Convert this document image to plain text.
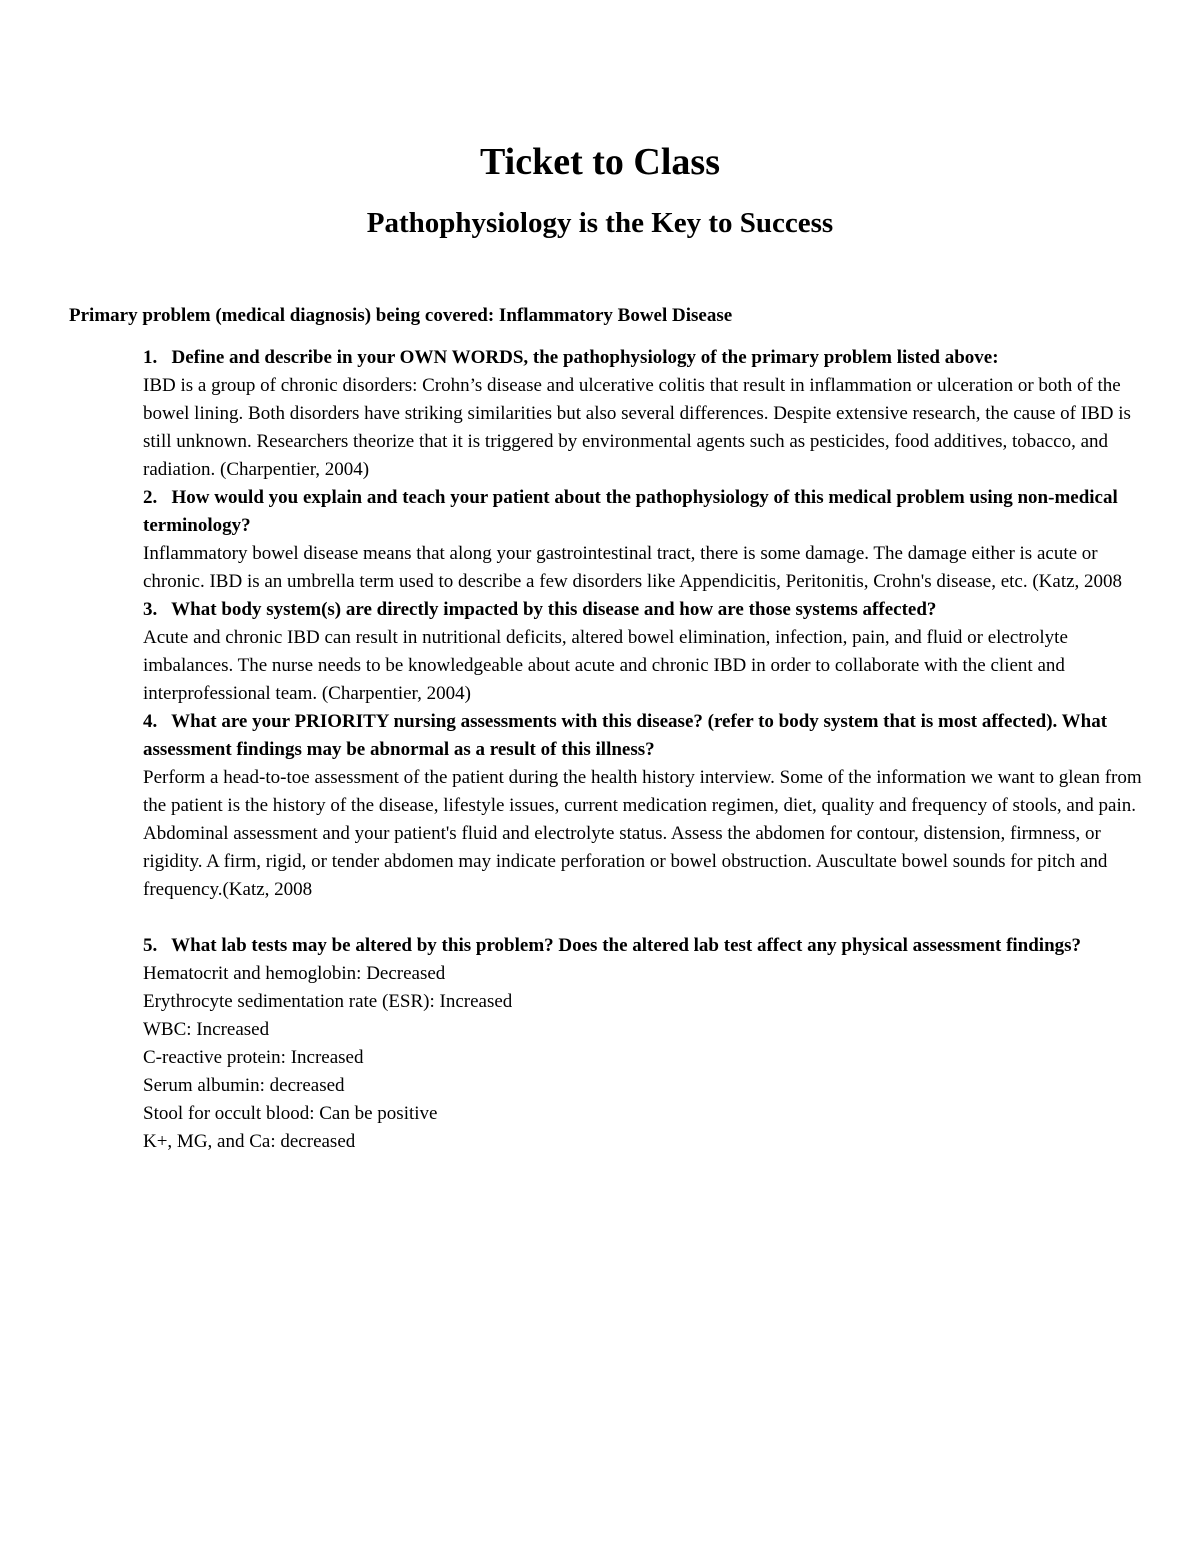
Ticket to Class
Pathophysiology is the Key to Success
Primary problem (medical diagnosis) being covered: Inflammatory Bowel Disease
1. Define and describe in your OWN WORDS, the pathophysiology of the primary problem listed above:

IBD is a group of chronic disorders: Crohn’s disease and ulcerative colitis that result in inflammation or ulceration or both of the bowel lining. Both disorders have striking similarities but also several differences. Despite extensive research, the cause of IBD is still unknown. Researchers theorize that it is triggered by environmental agents such as pesticides, food additives, tobacco, and radiation. (Charpentier, 2004)

2. How would you explain and teach your patient about the pathophysiology of this medical problem using non-medical terminology?

Inflammatory bowel disease means that along your gastrointestinal tract, there is some damage. The damage either is acute or chronic. IBD is an umbrella term used to describe a few disorders like Appendicitis, Peritonitis, Crohn's disease, etc. (Katz, 2008

3. What body system(s) are directly impacted by this disease and how are those systems affected?

Acute and chronic IBD can result in nutritional deficits, altered bowel elimination, infection, pain, and fluid or electrolyte imbalances. The nurse needs to be knowledgeable about acute and chronic IBD in order to collaborate with the client and interprofessional team. (Charpentier, 2004)

4. What are your PRIORITY nursing assessments with this disease? (refer to body system that is most affected). What assessment findings may be abnormal as a result of this illness?

Perform a head-to-toe assessment of the patient during the health history interview. Some of the information we want to glean from the patient is the history of the disease, lifestyle issues, current medication regimen, diet, quality and frequency of stools, and pain.

Abdominal assessment and your patient's fluid and electrolyte status. Assess the abdomen for contour, distension, firmness, or rigidity. A firm, rigid, or tender abdomen may indicate perforation or bowel obstruction. Auscultate bowel sounds for pitch and frequency.(Katz, 2008

5. What lab tests may be altered by this problem? Does the altered lab test affect any physical assessment findings?

Hematocrit and hemoglobin: Decreased

Erythrocyte sedimentation rate (ESR): Increased

WBC: Increased

C-reactive protein: Increased

Serum albumin: decreased

Stool for occult blood: Can be positive

K+, MG, and Ca: decreased
